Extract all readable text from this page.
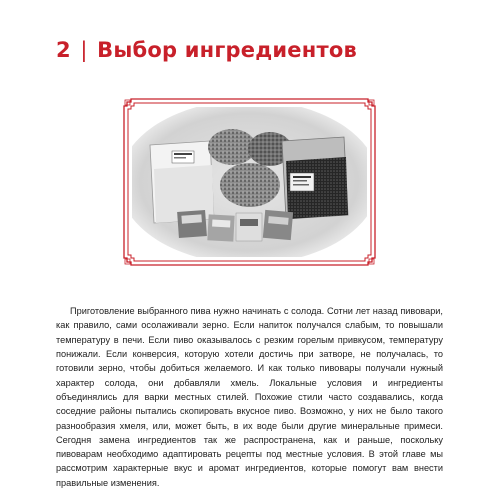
2 | Выбор ингредиентов

Приготовление выбранного пива нужно начинать с солода. Сотни лет назад пивовари, как правило, сами осолаживали зерно. Если напиток получался слабым, то повышали температуру в печи. Если пиво оказывалось с резким горелым привкусом, температуру понижали. Если конверсия, которую хотели достичь при затворе, не получалась, то готовили зерно, чтобы добиться желаемого. И как только пивовары получали нужный характер солода, они добавляли хмель. Локальные условия и ингредиенты объединялись для варки местных стилей. Похожие стили часто создавались, когда соседние районы пытались скопировать вкусное пиво. Возможно, у них не было такого разнообразия хмеля, или, может быть, в их воде были другие минеральные примеси. Сегодня замена ингредиентов так же распространена, как и раньше, поскольку пивоварам необходимо адаптировать рецепты под местные условия. В этой главе мы рассмотрим характерные вкус и аромат ингредиентов, которые помогут вам внести правильные изменения.
